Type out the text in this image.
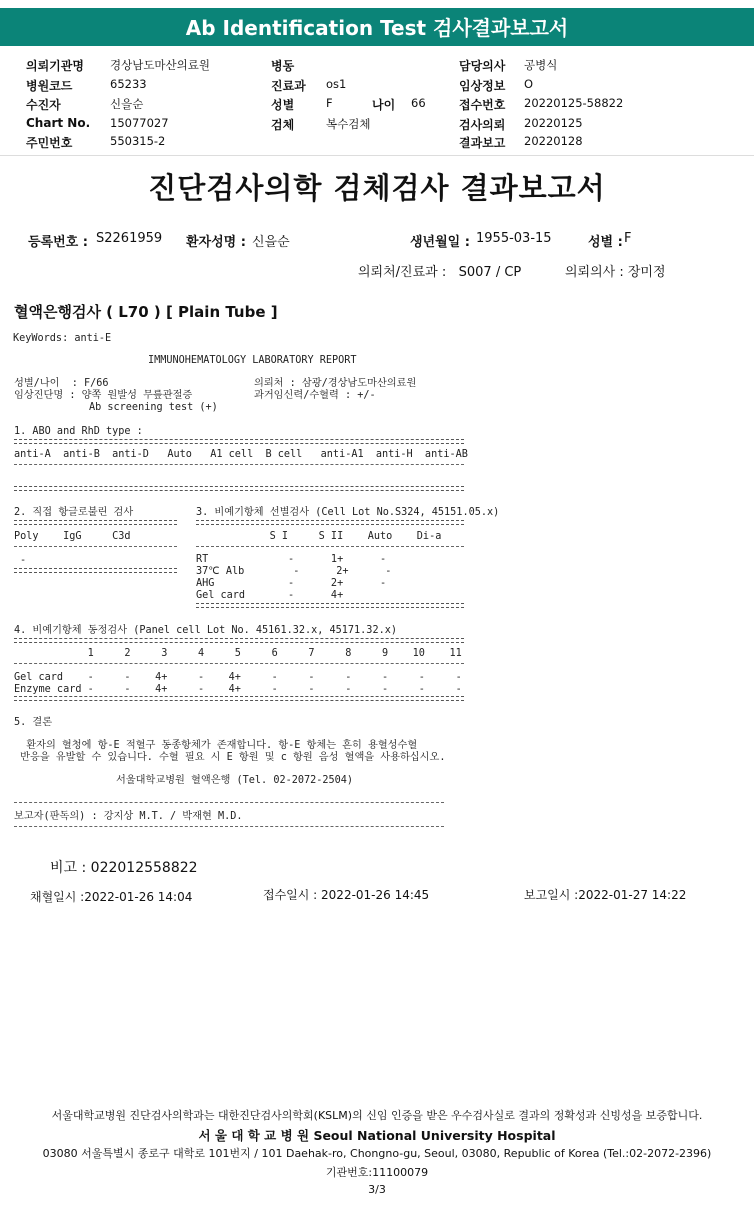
Ab Identification Test 검사결과보고서
의뢰기관명 경상남도마산의료원
병원코드	65233
수진자	신을순
Chart No. 15077027
주민번호	550315-2
병동
진료과 os1
성별	F	나이 66
검체	복수검체
담당의사 공병식
임상정보 O
접수번호 20220125-58822
검사의뢰 20220125
결과보고 20220128
진단검사의학 검체검사 결과보고서
등록번호 : S2261959 환자성명 : 신을순	생년월일 : 1955-03-15	성별 : F
의뢰처/진료과 :   S007 / CP	의뢰의사 : 장미정
혈액은행검사 ( L70 ) [ Plain Tube ]
KeyWords: anti-E
IMMUNOHEMATOLOGY LABORATORY REPORT
성별/나이  : F/66	의뢰처 : 삼광/경상남도마산의료원
임상진단명 : 양쪽 원발성 무릎관절증	과거임신력/수혈력 : +/-
Ab screening test (+)
1. ABO and RhD type :
anti-A  anti-B  anti-D   Auto   A1 cell  B cell   anti-A1  anti-H  anti-AB
2. 직접 항글로불린 검사
Poly    IgG     C3d
-
3. 비예기항체 선별검사 (Cell Lot No.S324, 45151.05.x)
S I     S II    Auto    Di-a
RT             -      1+      -
37℃ Alb        -      2+      -
AHG            -      2+      -
Gel card       -      4+
4. 비예기항체 동정검사 (Panel cell Lot No. 45161.32.x, 45171.32.x)
1     2     3     4     5     6     7     8     9    10    11
Gel card    -     -    4+     -    4+     -     -     -     -     -     -
Enzyme card -     -    4+     -    4+     -     -     -     -     -     -
5. 결론
환자의 혈청에 항-E 적혈구 동종항체가 존재합니다. 항-E 항체는 흔히 용혈성수혈
반응을 유발할 수 있습니다. 수혈 필요 시 E 항원 및 c 항원 음성 혈액을 사용하십시오.
서울대학교병원 혈액은행 (Tel. 02-2072-2504)
보고자(판독의) : 강지상 M.T. / 박재현 M.D.
비고 : 022012558822
채혈일시 :2022-01-26 14:04	접수일시 : 2022-01-26 14:45	보고일시 :2022-01-27 14:22
서울대학교병원 진단검사의학과는 대한진단검사의학회(KSLM)의 신임 인증을 받은 우수검사실로 결과의 정확성과 신빙성을 보증합니다.
서 울 대 학 교 병 원 Seoul National University Hospital
03080 서울특별시 종로구 대학로 101번지 / 101 Daehak-ro, Chongno-gu, Seoul, 03080, Republic of Korea (Tel.:02-2072-2396)
기관번호:11100079
3/3
